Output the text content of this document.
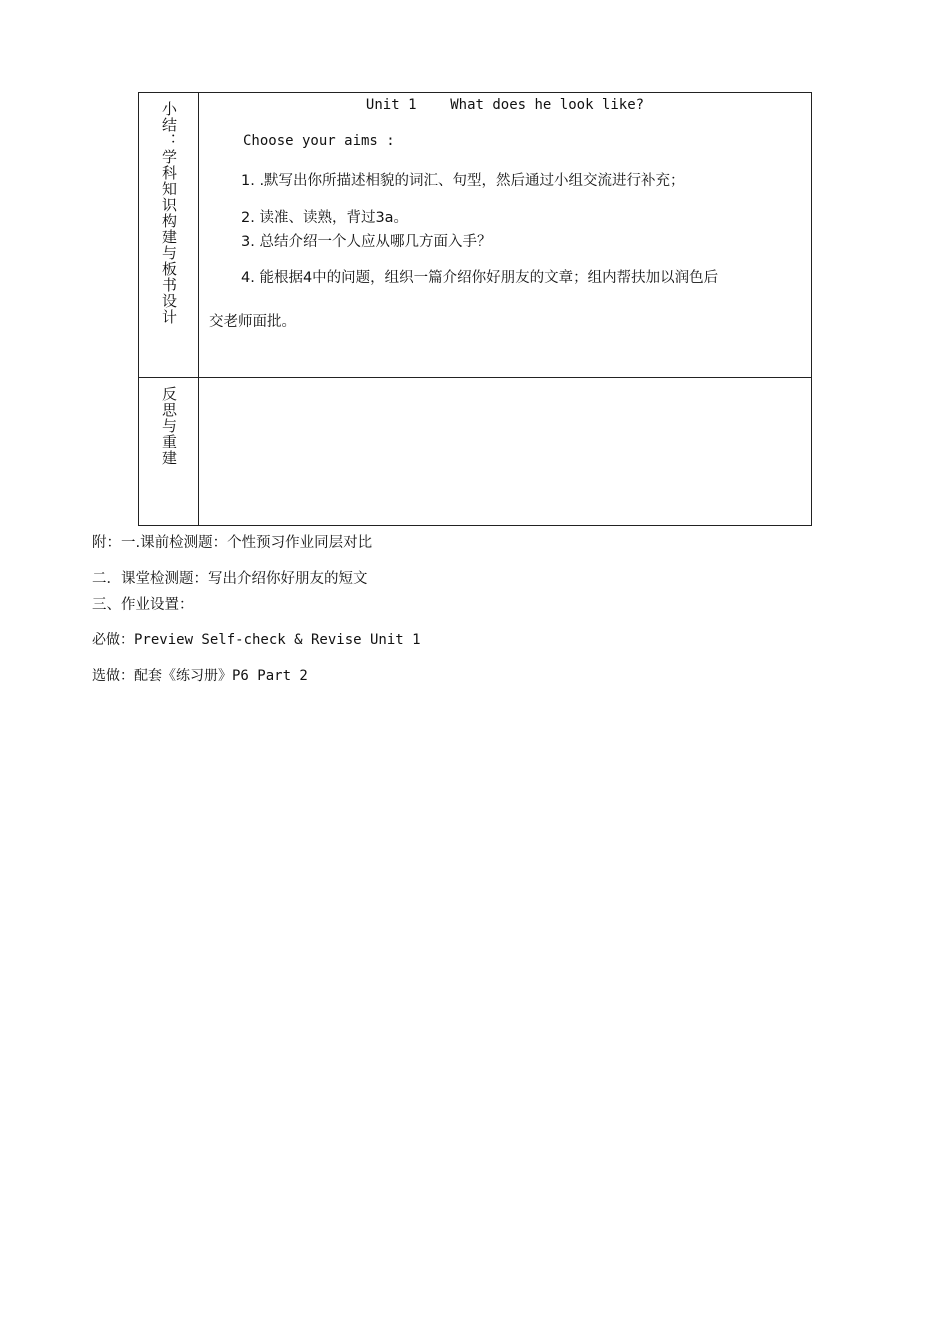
小结：学科知识构建与板书设计	Unit 1    What does he look like?
Choose your aims :
1. .默写出你所描述相貌的词汇、句型，然后通过小组交流进行补充；
2. 读准、读熟，背过3a。
3. 总结介绍一个人应从哪几方面入手？
4. 能根据4中的问题，组织一篇介绍你好朋友的文章；组内帮扶加以润色后
交老师面批。
反思与重建
附：一.课前检测题：个性预习作业同层对比
二．课堂检测题：写出介绍你好朋友的短文
三、作业设置：
必做：Preview Self-check & Revise Unit 1
选做：配套《练习册》P6 Part 2
